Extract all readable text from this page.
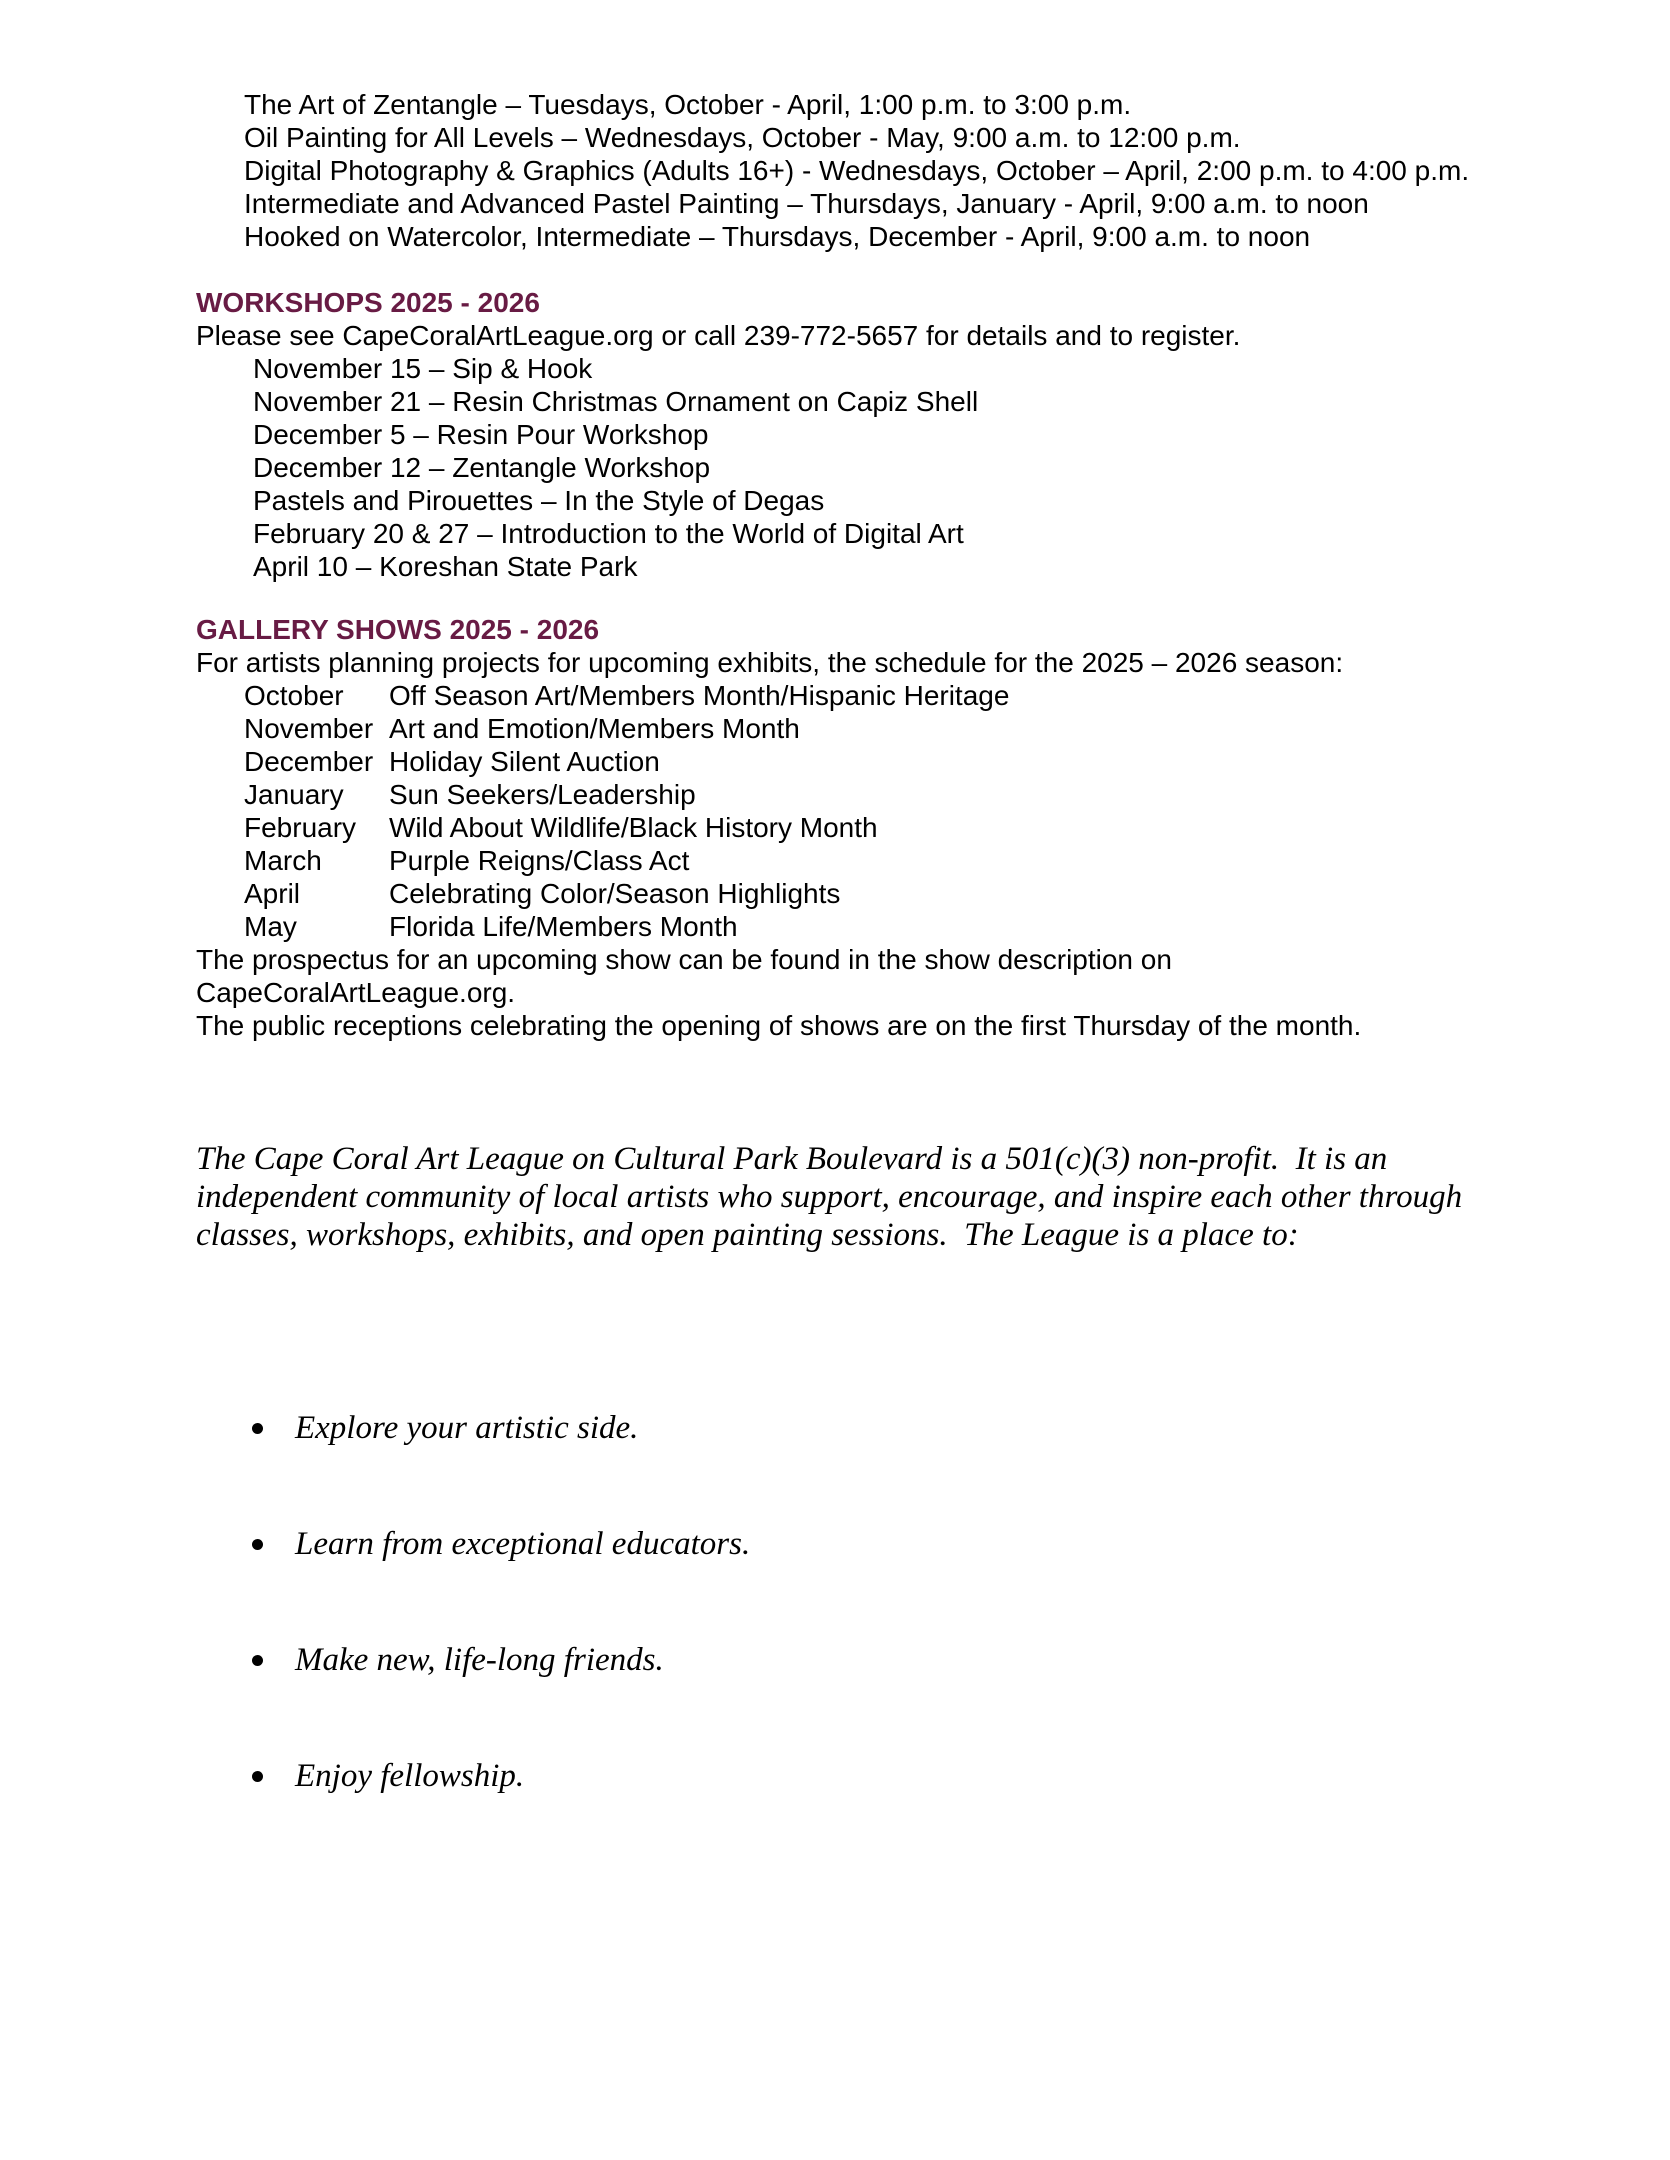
The Art of Zentangle – Tuesdays, October - April, 1:00 p.m. to 3:00 p.m.
Oil Painting for All Levels – Wednesdays, October - May, 9:00 a.m. to 12:00 p.m.
Digital Photography & Graphics (Adults 16+) - Wednesdays, October – April, 2:00 p.m. to 4:00 p.m.
Intermediate and Advanced Pastel Painting – Thursdays, January - April, 9:00 a.m. to noon
Hooked on Watercolor, Intermediate – Thursdays, December - April, 9:00 a.m. to noon
WORKSHOPS 2025 - 2026

Please see CapeCoralArtLeague.org or call 239-772-5657 for details and to register.

November 15 – Sip & Hook
November 21 – Resin Christmas Ornament on Capiz Shell
December 5 – Resin Pour Workshop
December 12 – Zentangle Workshop
Pastels and Pirouettes – In the Style of Degas
February 20 & 27 – Introduction to the World of Digital Art
April 10 – Koreshan State Park
GALLERY SHOWS 2025 - 2026

For artists planning projects for upcoming exhibits, the schedule for the 2025 – 2026 season:

October	Off Season Art/Members Month/Hispanic Heritage
November Art and Emotion/Members Month
December Holiday Silent Auction
January	Sun Seekers/Leadership
February	Wild About Wildlife/Black History Month
March	Purple Reigns/Class Act
April	Celebrating Color/Season Highlights
May	Florida Life/Members Month

The prospectus for an upcoming show can be found in the show description on CapeCoralArtLeague.org.

The public receptions celebrating the opening of shows are on the first Thursday of the month.

The Cape Coral Art League on Cultural Park Boulevard is a 501(c)(3) non-profit.  It is an independent community of local artists who support, encourage, and inspire each other through classes, workshops, exhibits, and open painting sessions.  The League is a place to:

Explore your artistic side.

Learn from exceptional educators.

Make new, life-long friends.

Enjoy fellowship.
